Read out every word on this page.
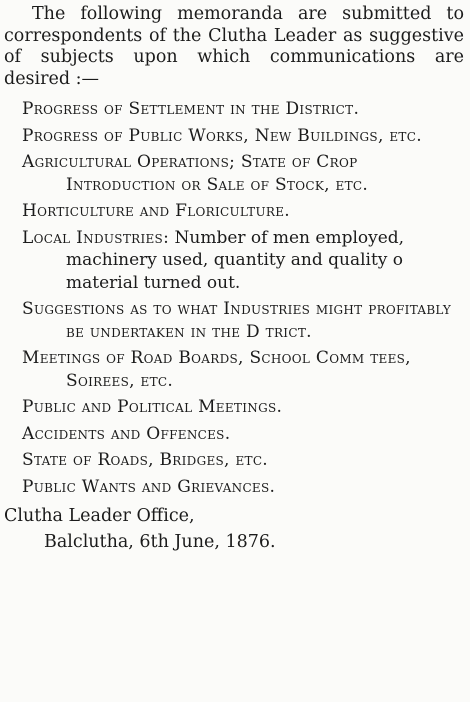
The following memoranda are submitted to correspondents of the Clutha Leader as suggestive of subjects upon which communications are desired :—

Progress of Settlement in the District.
Progress of Public Works, New Buildings, etc.
Agricultural Operations; State of Crop Introduction or Sale of Stock, etc.
Horticulture and Floriculture.
Local Industries: Number of men employed, machinery used, quantity and quality o material turned out.
Suggestions as to what Industries might profitably be undertaken in the D trict.
Meetings of Road Boards, School Comm tees, Soirees, etc.
Public and Political Meetings.
Accidents and Offences.
State of Roads, Bridges, etc.
Public Wants and Grievances.

Clutha Leader Office,

Balclutha, 6th June, 1876.
